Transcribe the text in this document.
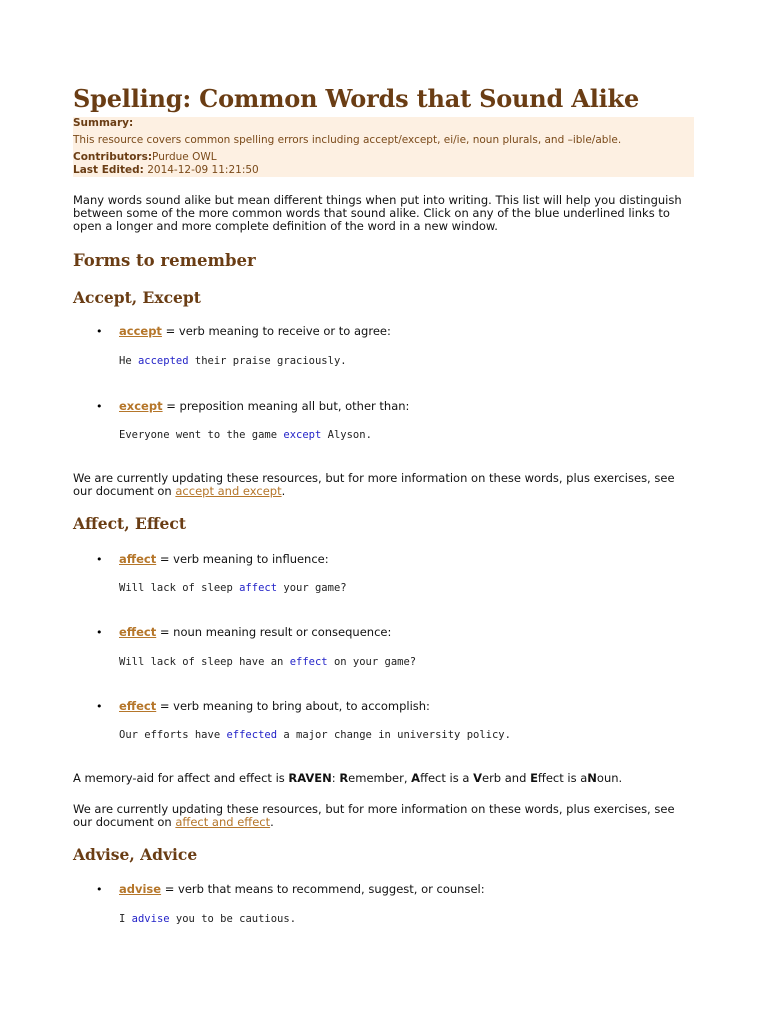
Spelling: Common Words that Sound Alike
Summary:
This resource covers common spelling errors including accept/except, ei/ie, noun plurals, and –ible/able.
Contributors:Purdue OWL
Last Edited: 2014-12-09 11:21:50
Many words sound alike but mean different things when put into writing. This list will help you distinguish
between some of the more common words that sound alike. Click on any of the blue underlined links to
open a longer and more complete definition of the word in a new window.
Forms to remember
Accept, Except
• accept = verb meaning to receive or to agree:
He accepted their praise graciously.
• except = preposition meaning all but, other than:
Everyone went to the game except Alyson.
We are currently updating these resources, but for more information on these words, plus exercises, see
our document on accept and except.
Affect, Effect
• affect = verb meaning to influence:
Will lack of sleep affect your game?
• effect = noun meaning result or consequence:
Will lack of sleep have an effect on your game?
• effect = verb meaning to bring about, to accomplish:
Our efforts have effected a major change in university policy.
A memory-aid for affect and effect is RAVEN: Remember, Affect is a Verb and Effect is aNoun.
We are currently updating these resources, but for more information on these words, plus exercises, see
our document on affect and effect.
Advise, Advice
• advise = verb that means to recommend, suggest, or counsel:
I advise you to be cautious.
